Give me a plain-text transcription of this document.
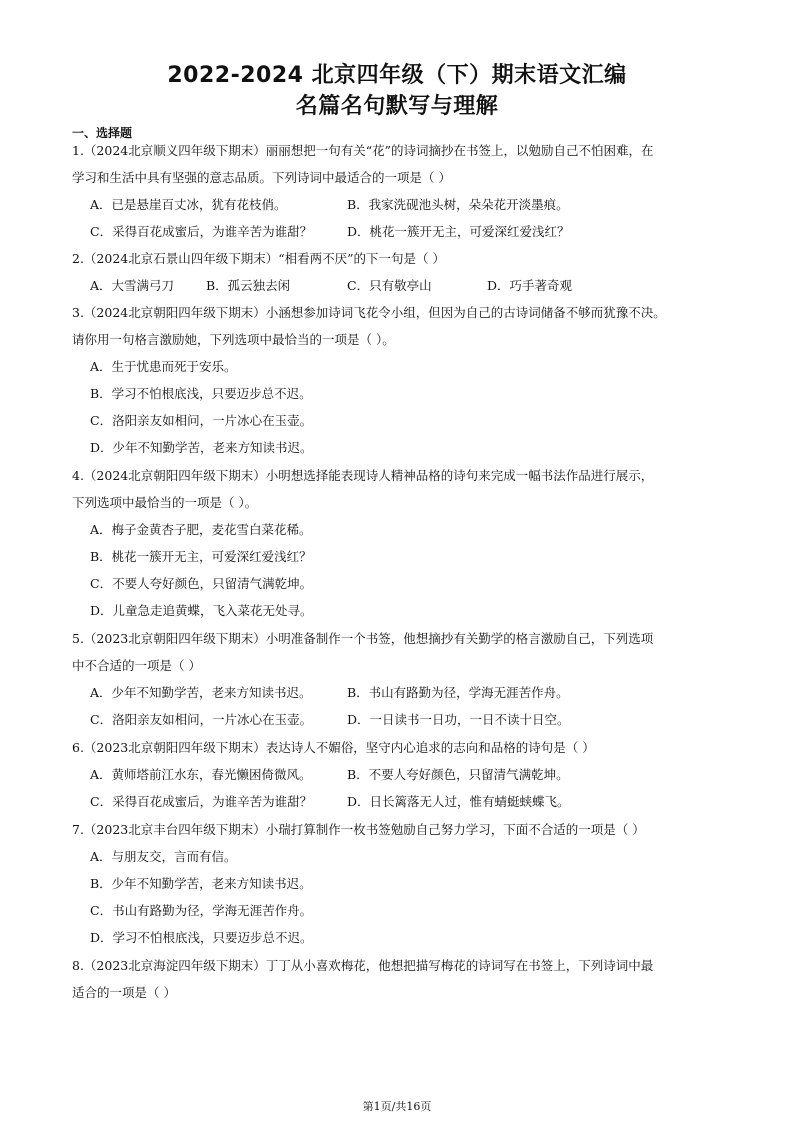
2022-2024 北京四年级（下）期末语文汇编
名篇名句默写与理解
一、选择题
1.（2024北京顺义四年级下期末）丽丽想把一句有关“花”的诗词摘抄在书签上，以勉励自己不怕困难，在
学习和生活中具有坚强的意志品质。下列诗词中最适合的一项是（ ）
A．已是悬崖百丈冰，犹有花枝俏。	B．我家洗砚池头树，朵朵花开淡墨痕。
C．采得百花成蜜后，为谁辛苦为谁甜？	D．桃花一簇开无主，可爱深红爱浅红？
2.（2024北京石景山四年级下期末）“相看两不厌”的下一句是（ ）
A．大雪满弓刀	B．孤云独去闲	C．只有敬亭山	D．巧手著奇观
3.（2024北京朝阳四年级下期末）小涵想参加诗词飞花令小组，但因为自己的古诗词储备不够而犹豫不决。
请你用一句格言激励她，下列选项中最恰当的一项是（ ）。
A．生于忧患而死于安乐。
B．学习不怕根底浅，只要迈步总不迟。
C．洛阳亲友如相问，一片冰心在玉壶。
D．少年不知勤学苦，老来方知读书迟。
4.（2024北京朝阳四年级下期末）小明想选择能表现诗人精神品格的诗句来完成一幅书法作品进行展示，
下列选项中最恰当的一项是（ ）。
A．梅子金黄杏子肥，麦花雪白菜花稀。
B．桃花一簇开无主，可爱深红爱浅红？
C．不要人夸好颜色，只留清气满乾坤。
D．儿童急走追黄蝶，飞入菜花无处寻。
5.（2023北京朝阳四年级下期末）小明准备制作一个书签，他想摘抄有关勤学的格言激励自己，下列选项
中不合适的一项是（ ）
A．少年不知勤学苦，老来方知读书迟。	B．书山有路勤为径，学海无涯苦作舟。
C．洛阳亲友如相问，一片冰心在玉壶。	D．一日读书一日功，一日不读十日空。
6.（2023北京朝阳四年级下期末）表达诗人不媚俗，坚守内心追求的志向和品格的诗句是（ ）
A．黄师塔前江水东，春光懒困倚微风。	B．不要人夸好颜色，只留清气满乾坤。
C．采得百花成蜜后，为谁辛苦为谁甜？	D．日长篱落无人过，惟有蜻蜓蛱蝶飞。
7.（2023北京丰台四年级下期末）小瑞打算制作一枚书签勉励自己努力学习，下面不合适的一项是（ ）
A．与朋友交，言而有信。
B．少年不知勤学苦，老来方知读书迟。
C．书山有路勤为径，学海无涯苦作舟。
D．学习不怕根底浅，只要迈步总不迟。
8.（2023北京海淀四年级下期末）丁丁从小喜欢梅花，他想把描写梅花的诗词写在书签上，下列诗词中最
适合的一项是（ ）
第1页/共16页
